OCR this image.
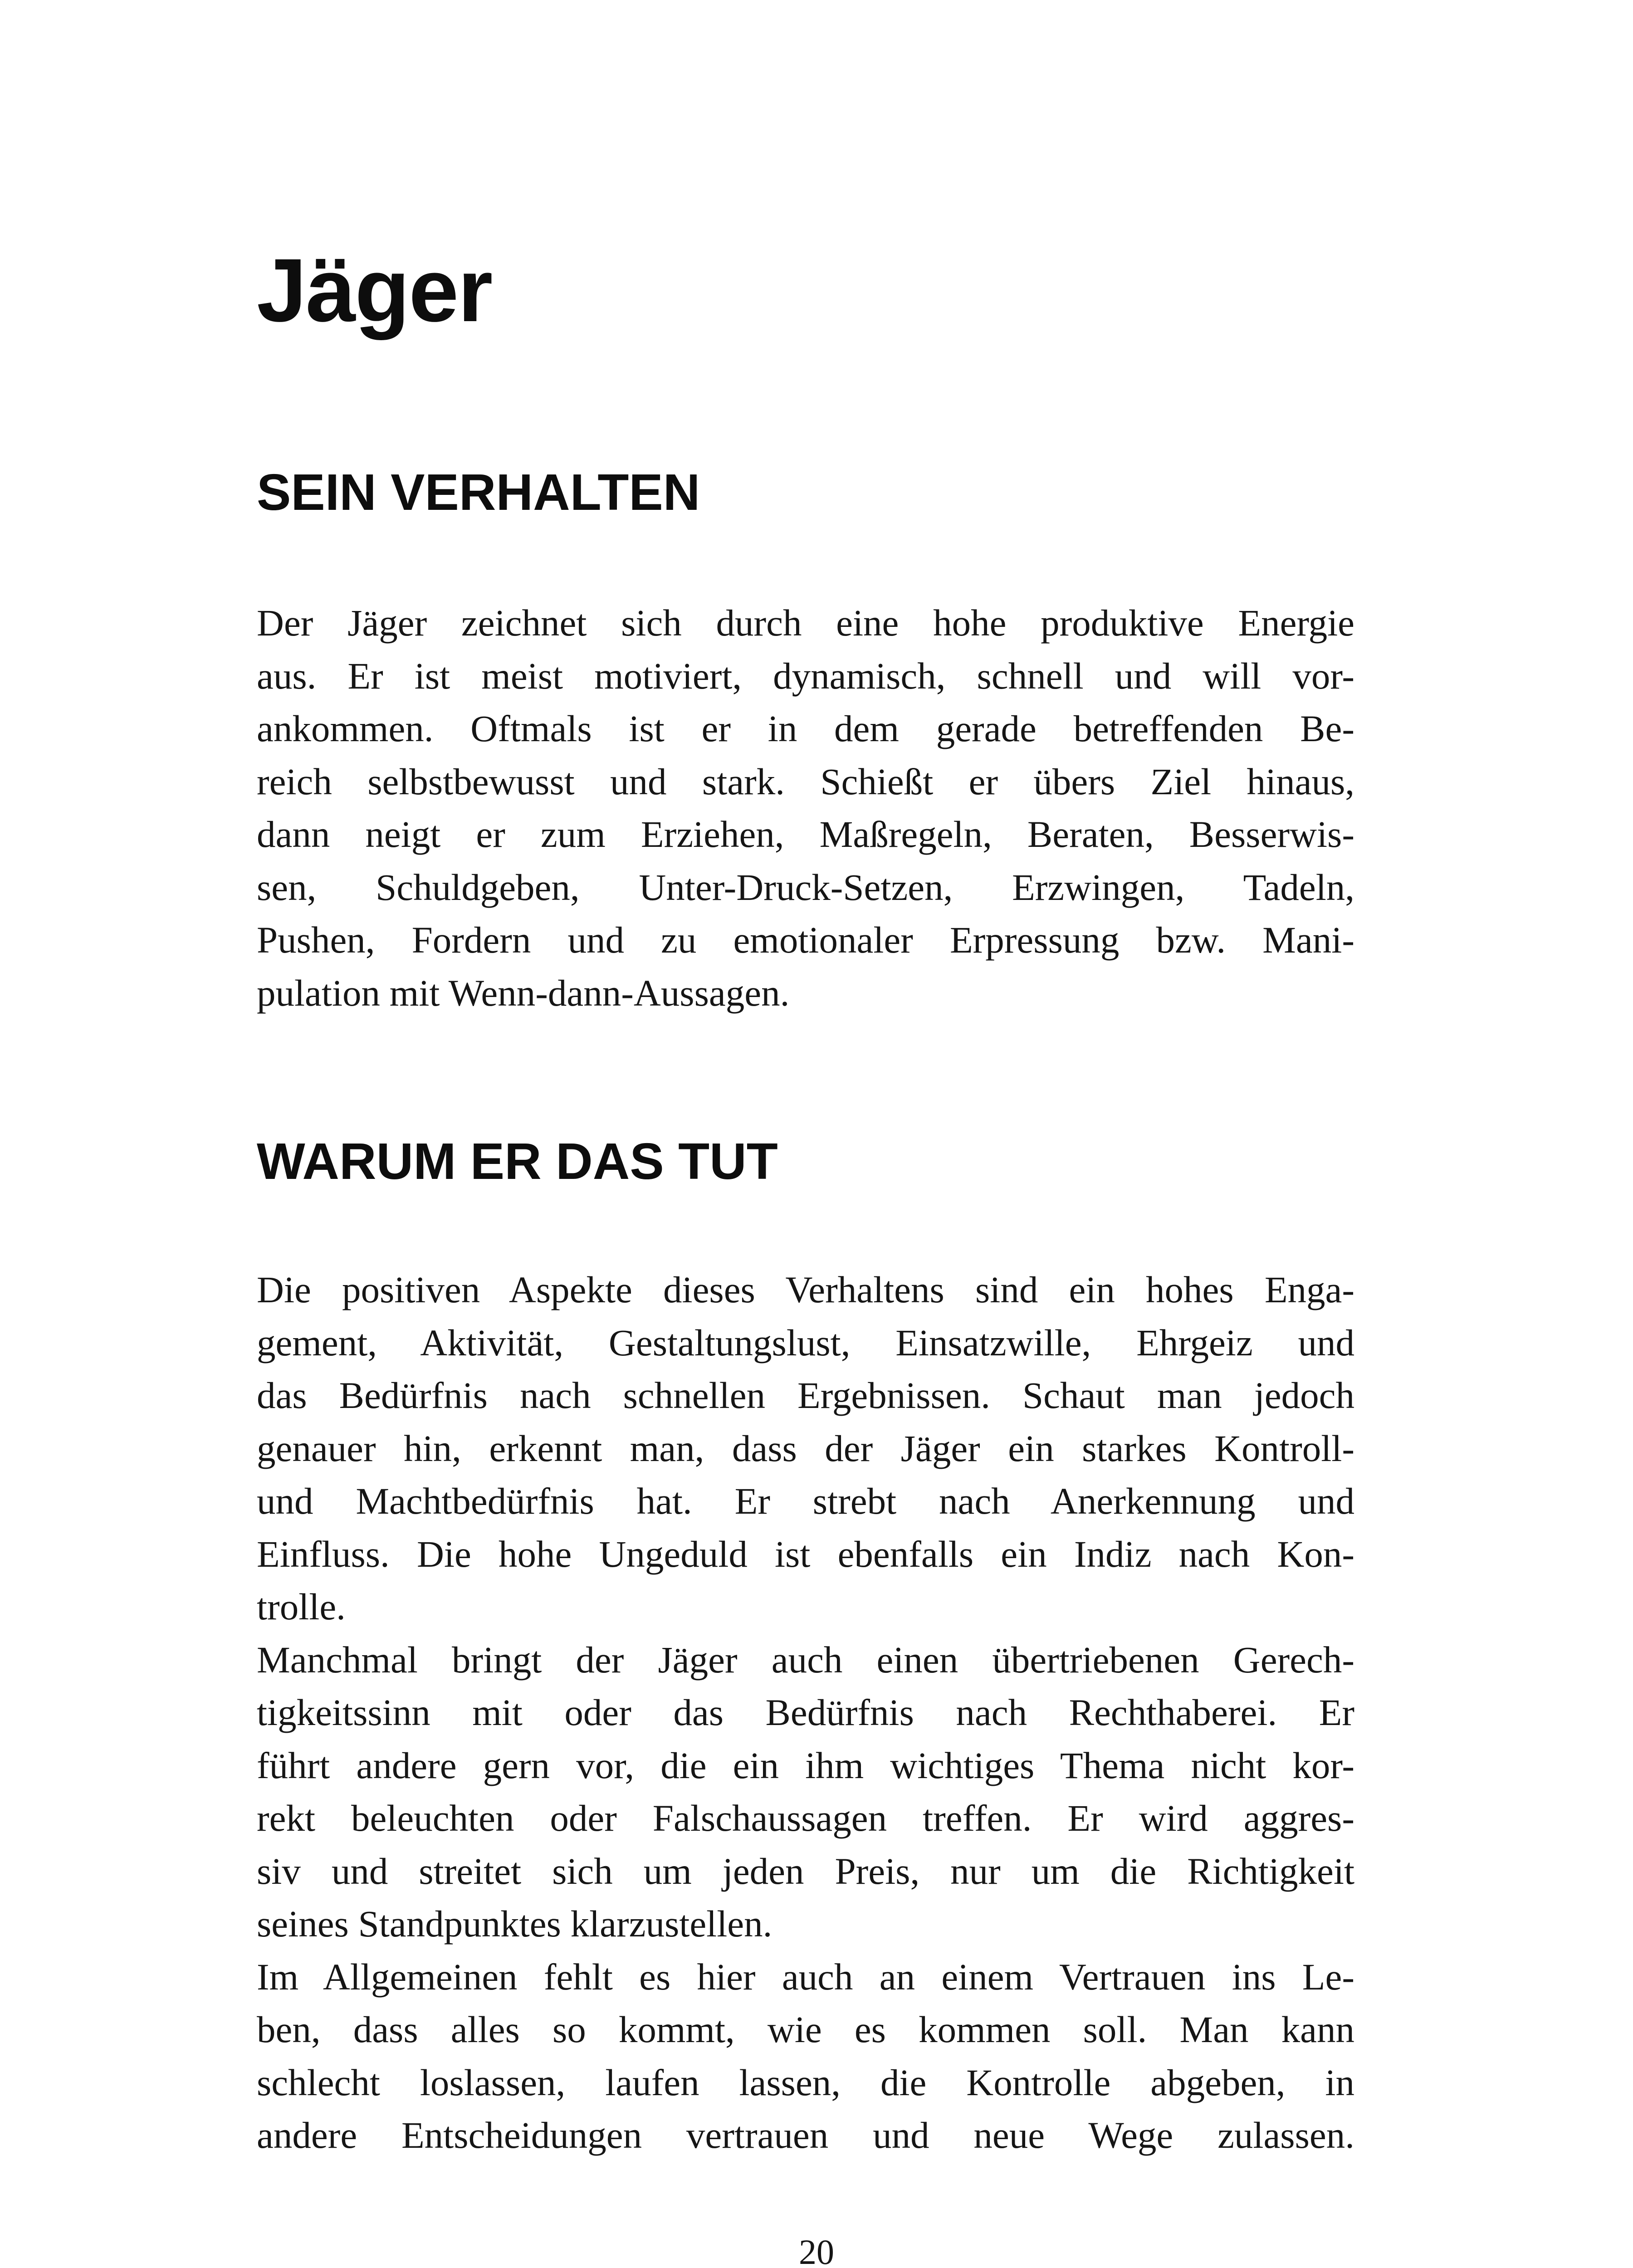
Jäger
SEIN VERHALTEN
Der Jäger zeichnet sich durch eine hohe produktive Energie
aus. Er ist meist motiviert, dynamisch, schnell und will vor-
ankommen. Oftmals ist er in dem gerade betreffenden Be-
reich selbstbewusst und stark. Schießt er übers Ziel hinaus,
dann neigt er zum Erziehen, Maßregeln, Beraten, Besserwis-
sen, Schuldgeben, Unter-Druck-Setzen, Erzwingen, Tadeln,
Pushen, Fordern und zu emotionaler Erpressung bzw. Mani-
pulation mit Wenn-dann-Aussagen.
WARUM ER DAS TUT
Die positiven Aspekte dieses Verhaltens sind ein hohes Enga-
gement, Aktivität, Gestaltungslust, Einsatzwille, Ehrgeiz und
das Bedürfnis nach schnellen Ergebnissen. Schaut man jedoch
genauer hin, erkennt man, dass der Jäger ein starkes Kontroll-
und Machtbedürfnis hat. Er strebt nach Anerkennung und
Einfluss. Die hohe Ungeduld ist ebenfalls ein Indiz nach Kon-
trolle.
Manchmal bringt der Jäger auch einen übertriebenen Gerech-
tigkeitssinn mit oder das Bedürfnis nach Rechthaberei. Er
führt andere gern vor, die ein ihm wichtiges Thema nicht kor-
rekt beleuchten oder Falschaussagen treffen. Er wird aggres-
siv und streitet sich um jeden Preis, nur um die Richtigkeit
seines Standpunktes klarzustellen.
Im Allgemeinen fehlt es hier auch an einem Vertrauen ins Le-
ben, dass alles so kommt, wie es kommen soll. Man kann
schlecht loslassen, laufen lassen, die Kontrolle abgeben, in
andere Entscheidungen vertrauen und neue Wege zulassen.

20
